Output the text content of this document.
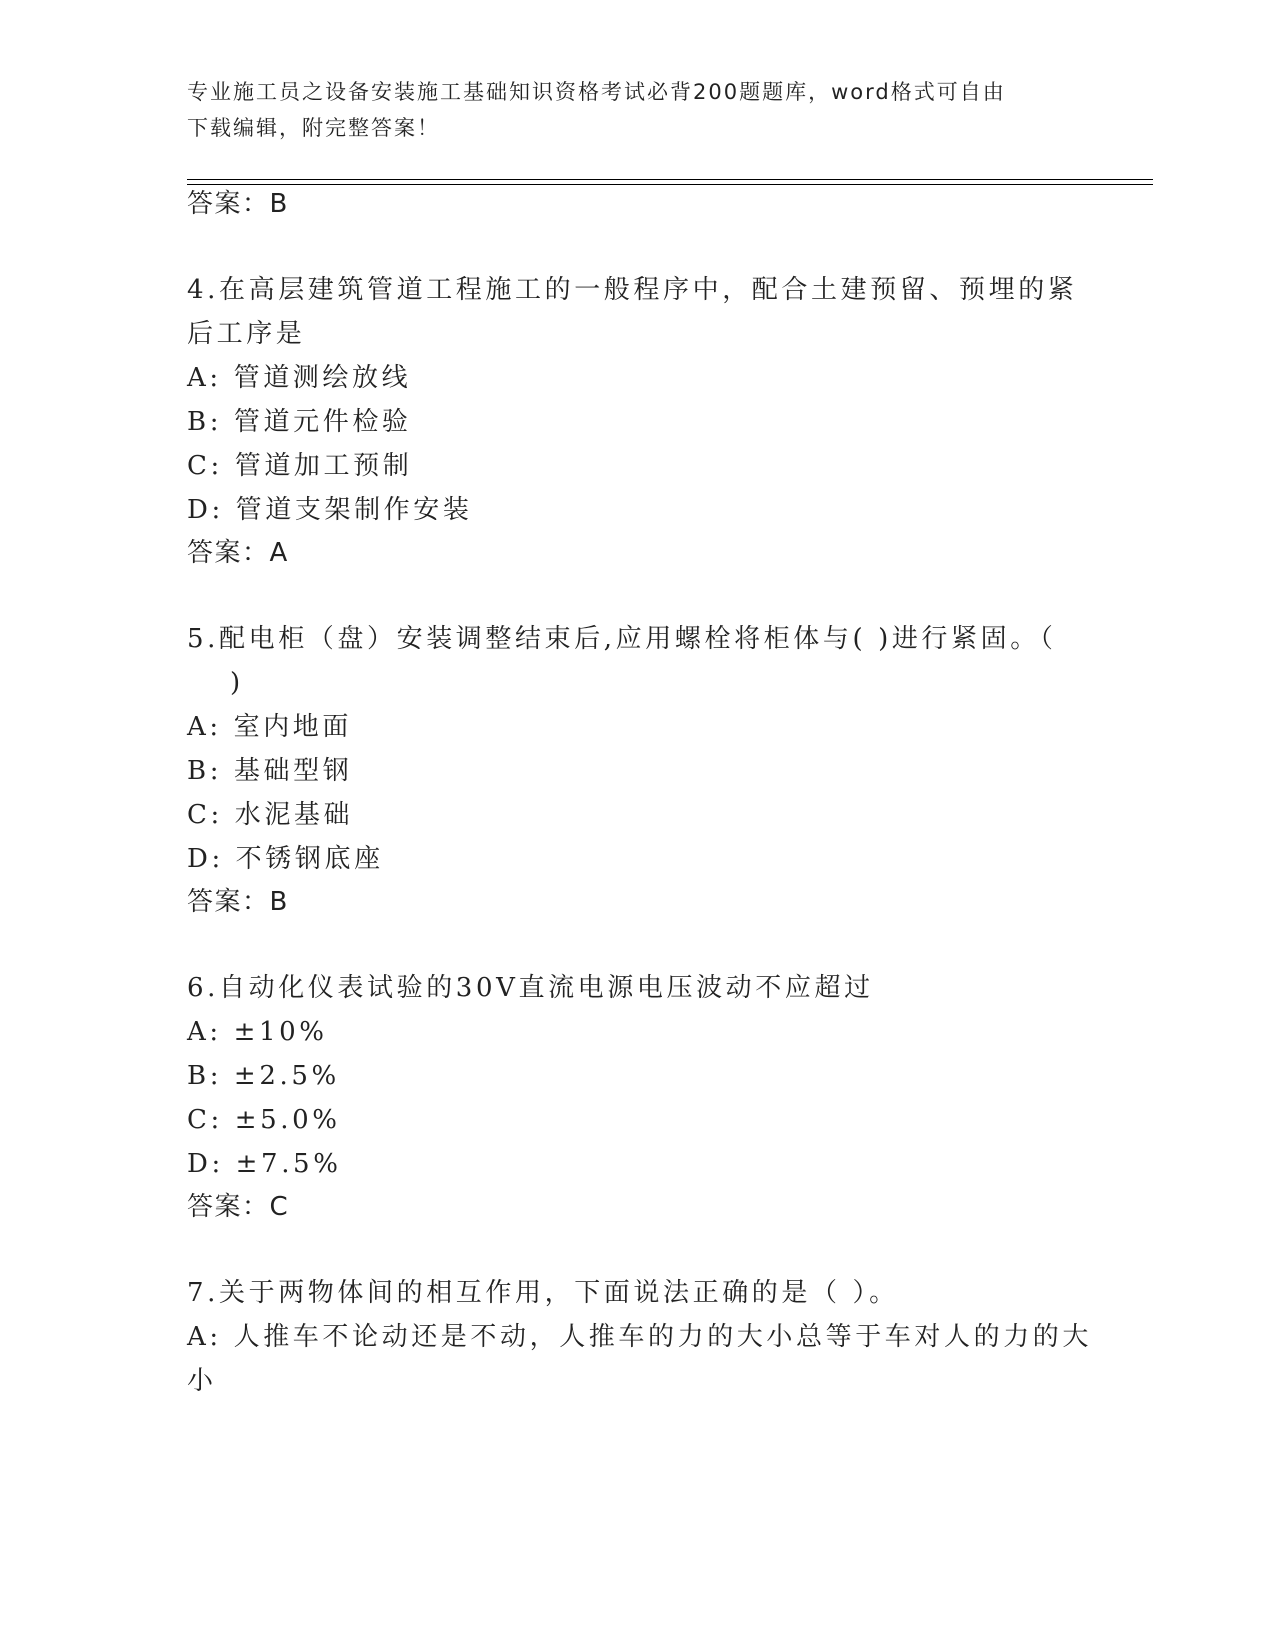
专业施工员之设备安装施工基础知识资格考试必背200题题库，word格式可自由
下载编辑，附完整答案！
答案：B
4.在高层建筑管道工程施工的一般程序中，配合土建预留、预埋的紧
后工序是
A: 管道测绘放线
B: 管道元件检验
C: 管道加工预制
D: 管道支架制作安装
答案：A
5.配电柜（盘）安装调整结束后,应用螺栓将柜体与( )进行紧固。（
)
A: 室内地面
B: 基础型钢
C: 水泥基础
D: 不锈钢底座
答案：B
6.自动化仪表试验的30V直流电源电压波动不应超过
A: ±10%
B: ±2.5%
C: ±5.0%
D: ±7.5%
答案：C
7.关于两物体间的相互作用，下面说法正确的是（ ）。
A: 人推车不论动还是不动，人推车的力的大小总等于车对人的力的大
小
